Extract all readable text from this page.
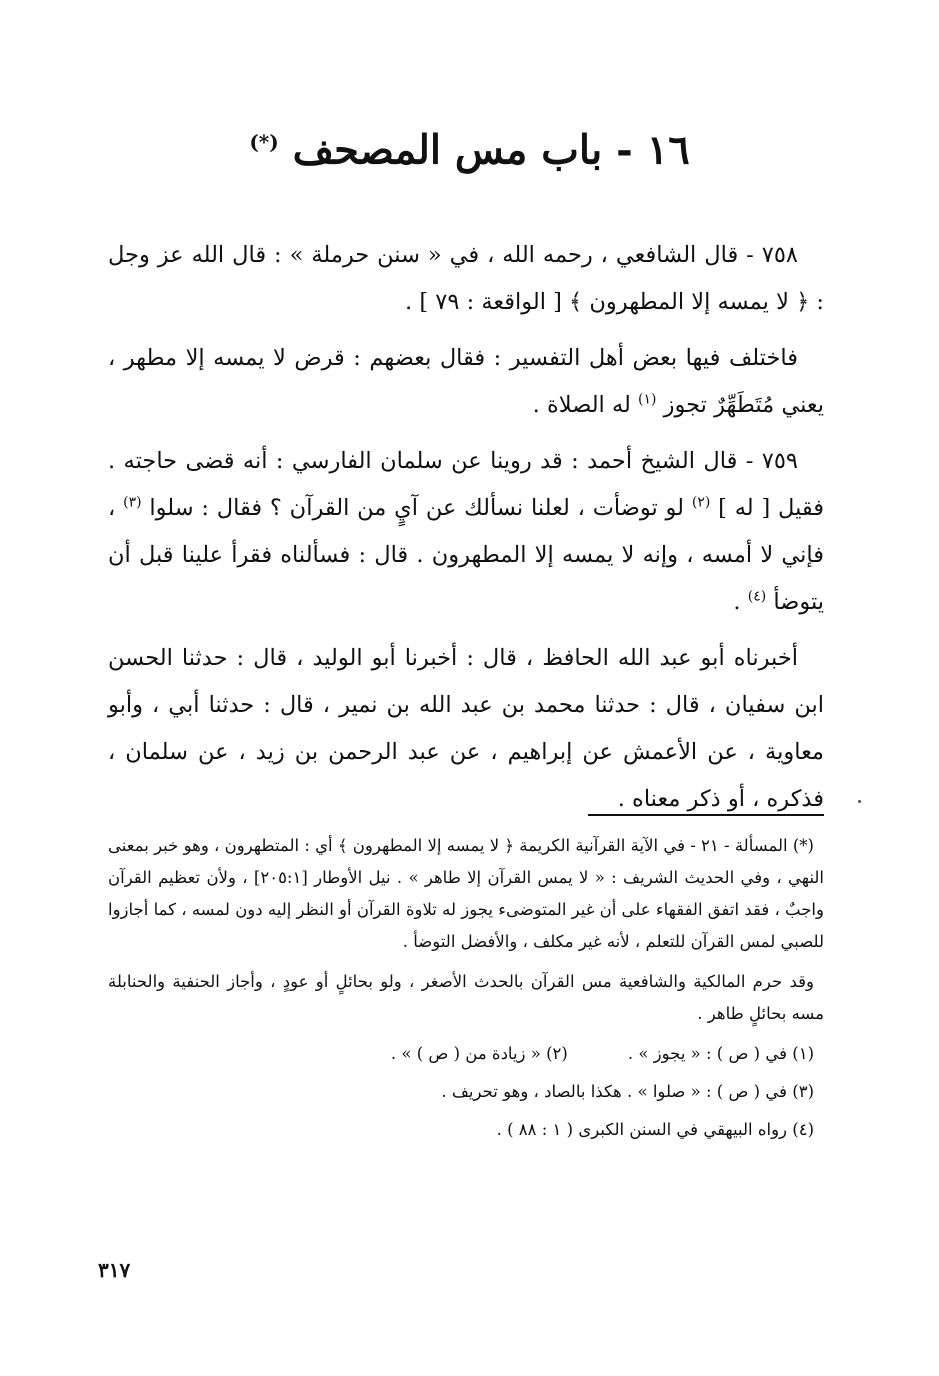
١٦ - باب مس المصحف (*)

٧٥٨ - قال الشافعي ، رحمه الله ، في « سنن حرملة » : قال الله عز وجل : ﴿ لا يمسه إلا المطهرون ﴾ [ الواقعة : ٧٩ ] .

فاختلف فيها بعض أهل التفسير : فقال بعضهم : قرض لا يمسه إلا مطهر ، يعني مُتَطَهِّرٌ تجوز $^{(١)}$ له الصلاة .

٧٥٩ - قال الشيخ أحمد : قد روينا عن سلمان الفارسي : أنه قضى حاجته . فقيل [ له ] $^{(٢)}$ لو توضأت ، لعلنا نسألك عن آيٍ من القرآن ؟ فقال : سلوا $^{(٣)}$ ، فإني لا أمسه ، وإنه لا يمسه إلا المطهرون . قال : فسألناه فقرأ علينا قبل أن يتوضأ $^{(٤)}$ .

أخبرناه أبو عبد الله الحافظ ، قال : أخبرنا أبو الوليد ، قال : حدثنا الحسن ابن سفيان ، قال : حدثنا محمد بن عبد الله بن نمير ، قال : حدثنا أبي ، وأبو معاوية ، عن الأعمش عن إبراهيم ، عن عبد الرحمن بن زيد ، عن سلمان ، فذكره ، أو ذكر معناه .

(*) المسألة - ٢١ - في الآية القرآنية الكريمة ﴿ لا يمسه إلا المطهرون ﴾ أي : المتطهرون ، وهو خبر بمعنى النهي ، وفي الحديث الشريف : « لا يمس القرآن إلا طاهر » . نيل الأوطار [٢٠٥:١] ، ولأن تعظيم القرآن واجبٌ ، فقد اتفق الفقهاء على أن غير المتوضىء يجوز له تلاوة القرآن أو النظر إليه دون لمسه ، كما أجازوا للصبي لمس القرآن للتعلم ، لأنه غير مكلف ، والأفضل التوضأ .

وقد حرم المالكية والشافعية مس القرآن بالحدث الأصغر ، ولو بحائلٍ أو عودٍ ، وأجاز الحنفية والحنابلة مسه بحائلٍ طاهر .

(١) في ( ص ) : « يجوز » .
(٢) « زيادة من ( ص ) » .
(٣) في ( ص ) : « صلوا » . هكذا بالصاد ، وهو تحريف .
(٤) رواه البيهقي في السنن الكبرى ( ١ : ٨٨ ) .
٣١٧
